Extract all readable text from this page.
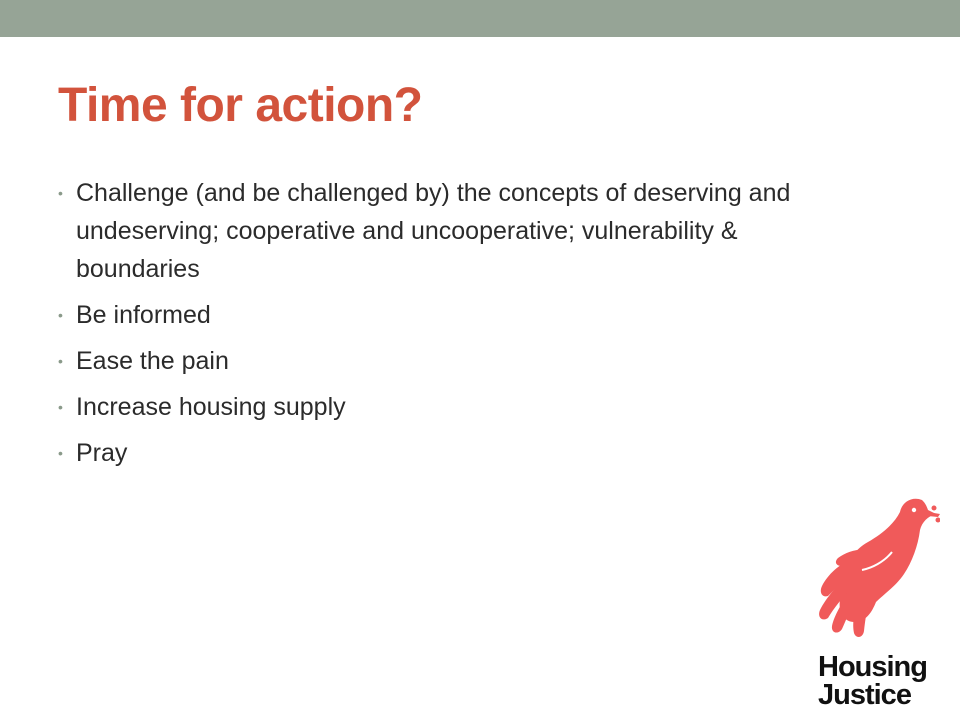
Time for action?
• Challenge (and be challenged by) the concepts of deserving and undeserving; cooperative and uncooperative; vulnerability & boundaries
• Be informed
• Ease the pain
• Increase housing supply
• Pray
Housing
Justice
